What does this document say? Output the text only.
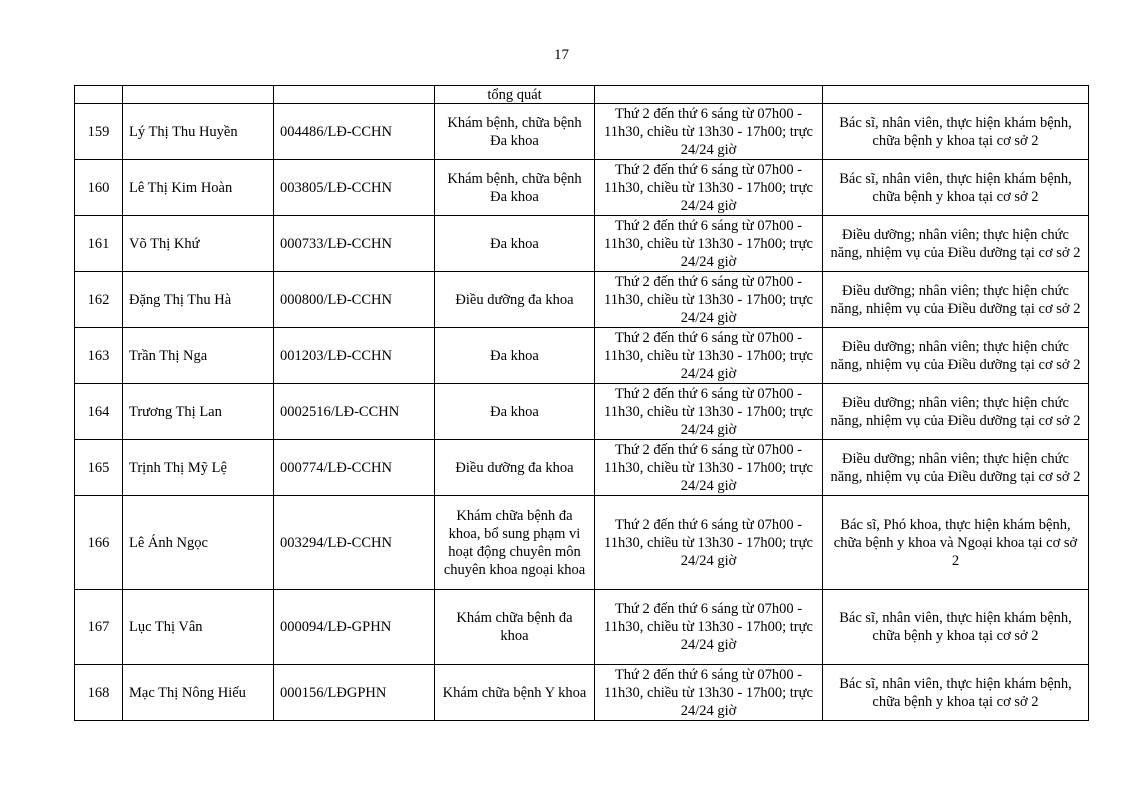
17
			tổng quát		
159	Lý Thị Thu Huyền	004486/LĐ-CCHN	Khám bệnh, chữa bệnh Đa khoa	Thứ 2 đến thứ 6 sáng từ 07h00 - 11h30, chiều từ 13h30 - 17h00; trực 24/24 giờ	Bác sĩ, nhân viên, thực hiện khám bệnh, chữa bệnh y khoa tại cơ sở 2
160	Lê Thị Kim Hoàn	003805/LĐ-CCHN	Khám bệnh, chữa bệnh Đa khoa	Thứ 2 đến thứ 6 sáng từ 07h00 - 11h30, chiều từ 13h30 - 17h00; trực 24/24 giờ	Bác sĩ, nhân viên, thực hiện khám bệnh, chữa bệnh y khoa tại cơ sở 2
161	Võ Thị Khứ	000733/LĐ-CCHN	Đa khoa	Thứ 2 đến thứ 6 sáng từ 07h00 - 11h30, chiều từ 13h30 - 17h00; trực 24/24 giờ	Điều dưỡng; nhân viên; thực hiện chức năng, nhiệm vụ của Điều dưỡng tại cơ sở 2
162	Đặng Thị Thu Hà	000800/LĐ-CCHN	Điều dưỡng đa khoa	Thứ 2 đến thứ 6 sáng từ 07h00 - 11h30, chiều từ 13h30 - 17h00; trực 24/24 giờ	Điều dưỡng; nhân viên; thực hiện chức năng, nhiệm vụ của Điều dưỡng tại cơ sở 2
163	Trần Thị Nga	001203/LĐ-CCHN	Đa khoa	Thứ 2 đến thứ 6 sáng từ 07h00 - 11h30, chiều từ 13h30 - 17h00; trực 24/24 giờ	Điều dưỡng; nhân viên; thực hiện chức năng, nhiệm vụ của Điều dưỡng tại cơ sở 2
164	Trương Thị Lan	0002516/LĐ-CCHN	Đa khoa	Thứ 2 đến thứ 6 sáng từ 07h00 - 11h30, chiều từ 13h30 - 17h00; trực 24/24 giờ	Điều dưỡng; nhân viên; thực hiện chức năng, nhiệm vụ của Điều dưỡng tại cơ sở 2
165	Trịnh Thị Mỹ Lệ	000774/LĐ-CCHN	Điều dưỡng đa khoa	Thứ 2 đến thứ 6 sáng từ 07h00 - 11h30, chiều từ 13h30 - 17h00; trực 24/24 giờ	Điều dưỡng; nhân viên; thực hiện chức năng, nhiệm vụ của Điều dưỡng tại cơ sở 2
166	Lê Ánh Ngọc	003294/LĐ-CCHN	Khám chữa bệnh đa khoa, bổ sung phạm vi hoạt động chuyên môn chuyên khoa ngoại khoa	Thứ 2 đến thứ 6 sáng từ 07h00 - 11h30, chiều từ 13h30 - 17h00; trực 24/24 giờ	Bác sĩ, Phó khoa, thực hiện khám bệnh, chữa bệnh y khoa và Ngoại khoa tại cơ sở 2
167	Lục Thị Vân	000094/LĐ-GPHN	Khám chữa bệnh đa khoa	Thứ 2 đến thứ 6 sáng từ 07h00 - 11h30, chiều từ 13h30 - 17h00; trực 24/24 giờ	Bác sĩ, nhân viên, thực hiện khám bệnh, chữa bệnh y khoa tại cơ sở 2
168	Mạc Thị Nông Hiếu	000156/LĐGPHN	Khám chữa bệnh Y khoa	Thứ 2 đến thứ 6 sáng từ 07h00 - 11h30, chiều từ 13h30 - 17h00; trực 24/24 giờ	Bác sĩ, nhân viên, thực hiện khám bệnh, chữa bệnh y khoa tại cơ sở 2
